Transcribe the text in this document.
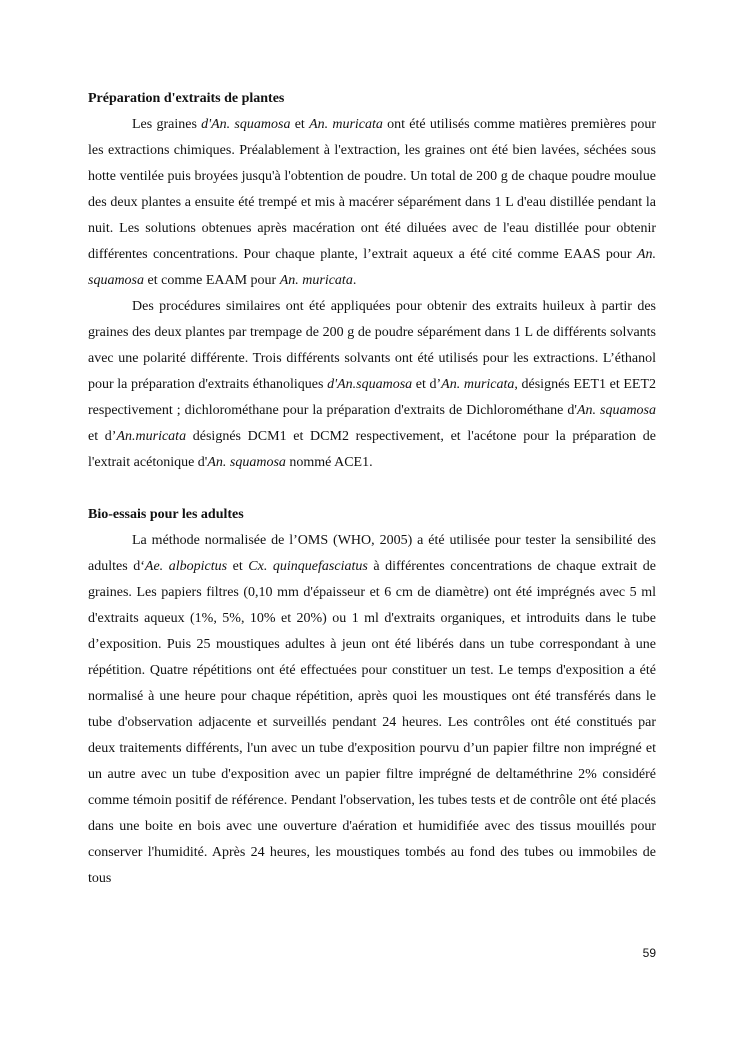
Préparation d'extraits de plantes

Les graines d'An. squamosa et An. muricata ont été utilisés comme matières premières pour les extractions chimiques. Préalablement à l'extraction, les graines ont été bien lavées, séchées sous hotte ventilée puis broyées jusqu'à l'obtention de poudre. Un total de 200 g de chaque poudre moulue des deux plantes a ensuite été trempé et mis à macérer séparément dans 1 L d'eau distillée pendant la nuit. Les solutions obtenues après macération ont été diluées avec de l'eau distillée pour obtenir différentes concentrations. Pour chaque plante, l’extrait aqueux a été cité comme EAAS pour An. squamosa et comme EAAM pour An. muricata.

Des procédures similaires ont été appliquées pour obtenir des extraits huileux à partir des graines des deux plantes par trempage de 200 g de poudre séparément dans 1 L de différents solvants avec une polarité différente. Trois différents solvants ont été utilisés pour les extractions. L’éthanol pour la préparation d'extraits éthanoliques d'An.squamosa et d’An. muricata, désignés EET1 et EET2 respectivement ; dichlorométhane pour la préparation d'extraits de Dichlorométhane d'An. squamosa et d’An.muricata désignés DCM1 et DCM2 respectivement, et l'acétone pour la préparation de l'extrait acétonique d'An. squamosa nommé ACE1.

Bio-essais pour les adultes

La méthode normalisée de l’OMS (WHO, 2005) a été utilisée pour tester la sensibilité des adultes d‘Ae. albopictus et Cx. quinquefasciatus à différentes concentrations de chaque extrait de graines. Les papiers filtres (0,10 mm d'épaisseur et 6 cm de diamètre) ont été imprégnés avec 5 ml d'extraits aqueux (1%, 5%, 10% et 20%) ou 1 ml d'extraits organiques, et introduits dans le tube d’exposition. Puis 25 moustiques adultes à jeun ont été libérés dans un tube correspondant à une répétition. Quatre répétitions ont été effectuées pour constituer un test. Le temps d'exposition a été normalisé à une heure pour chaque répétition, après quoi les moustiques ont été transférés dans le tube d'observation adjacente et surveillés pendant 24 heures. Les contrôles ont été constitués par deux traitements différents, l'un avec un tube d'exposition pourvu d’un papier filtre non imprégné et un autre avec un tube d'exposition avec un papier filtre imprégné de deltaméthrine 2% considéré comme témoin positif de référence. Pendant l'observation, les tubes tests et de contrôle ont été placés dans une boite en bois avec une ouverture d'aération et humidifiée avec des tissus mouillés pour conserver l'humidité. Après 24 heures, les moustiques tombés au fond des tubes ou immobiles de tous

59
